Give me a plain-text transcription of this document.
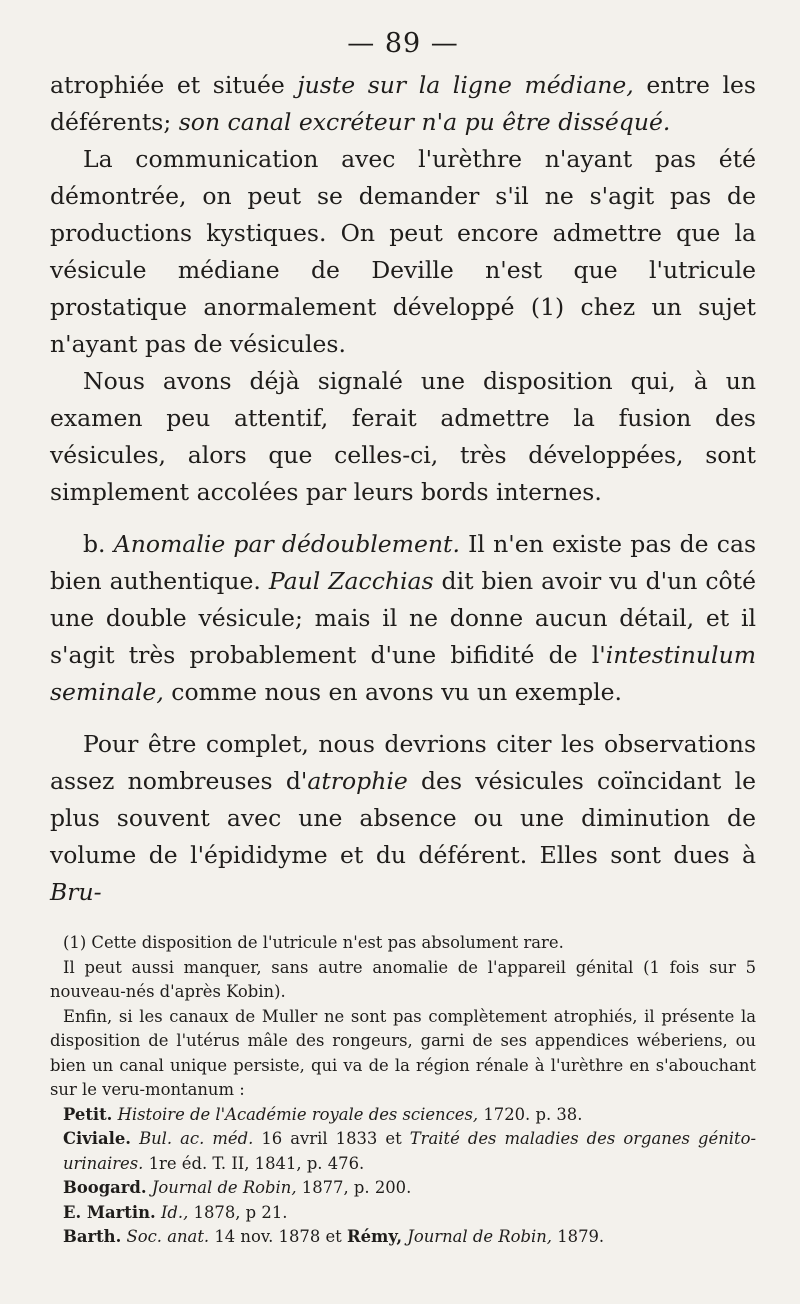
— 89 —

atrophiée et située juste sur la ligne médiane, entre les déférents; son canal excréteur n'a pu être disséqué.

La communication avec l'urèthre n'ayant pas été démontrée, on peut se demander s'il ne s'agit pas de productions kystiques. On peut encore admettre que la vésicule médiane de Deville n'est que l'utricule prostatique anormalement développé (1) chez un sujet n'ayant pas de vésicules.

Nous avons déjà signalé une disposition qui, à un examen peu attentif, ferait admettre la fusion des vésicules, alors que celles-ci, très développées, sont simplement accolées par leurs bords internes.

b. Anomalie par dédoublement. Il n'en existe pas de cas bien authentique. Paul Zacchias dit bien avoir vu d'un côté une double vésicule; mais il ne donne aucun détail, et il s'agit très probablement d'une bifidité de l'intestinulum seminale, comme nous en avons vu un exemple.

Pour être complet, nous devrions citer les observations assez nombreuses d'atrophie des vésicules coïncidant le plus souvent avec une absence ou une diminution de volume de l'épididyme et du déférent. Elles sont dues à Bru-

(1) Cette disposition de l'utricule n'est pas absolument rare.

Il peut aussi manquer, sans autre anomalie de l'appareil génital (1 fois sur 5 nouveau-nés d'après Kobin).

Enfin, si les canaux de Muller ne sont pas complètement atrophiés, il présente la disposition de l'utérus mâle des rongeurs, garni de ses appendices wéberiens, ou bien un canal unique persiste, qui va de la région rénale à l'urèthre en s'abouchant sur le veru-montanum :

Petit. Histoire de l'Académie royale des sciences, 1720. p. 38.

Civiale. Bul. ac. méd. 16 avril 1833 et Traité des maladies des organes génito-urinaires. 1re éd. T. II, 1841, p. 476.

Boogard. Journal de Robin, 1877, p. 200.

E. Martin. Id., 1878, p 21.

Barth. Soc. anat. 14 nov. 1878 et Rémy, Journal de Robin, 1879.
